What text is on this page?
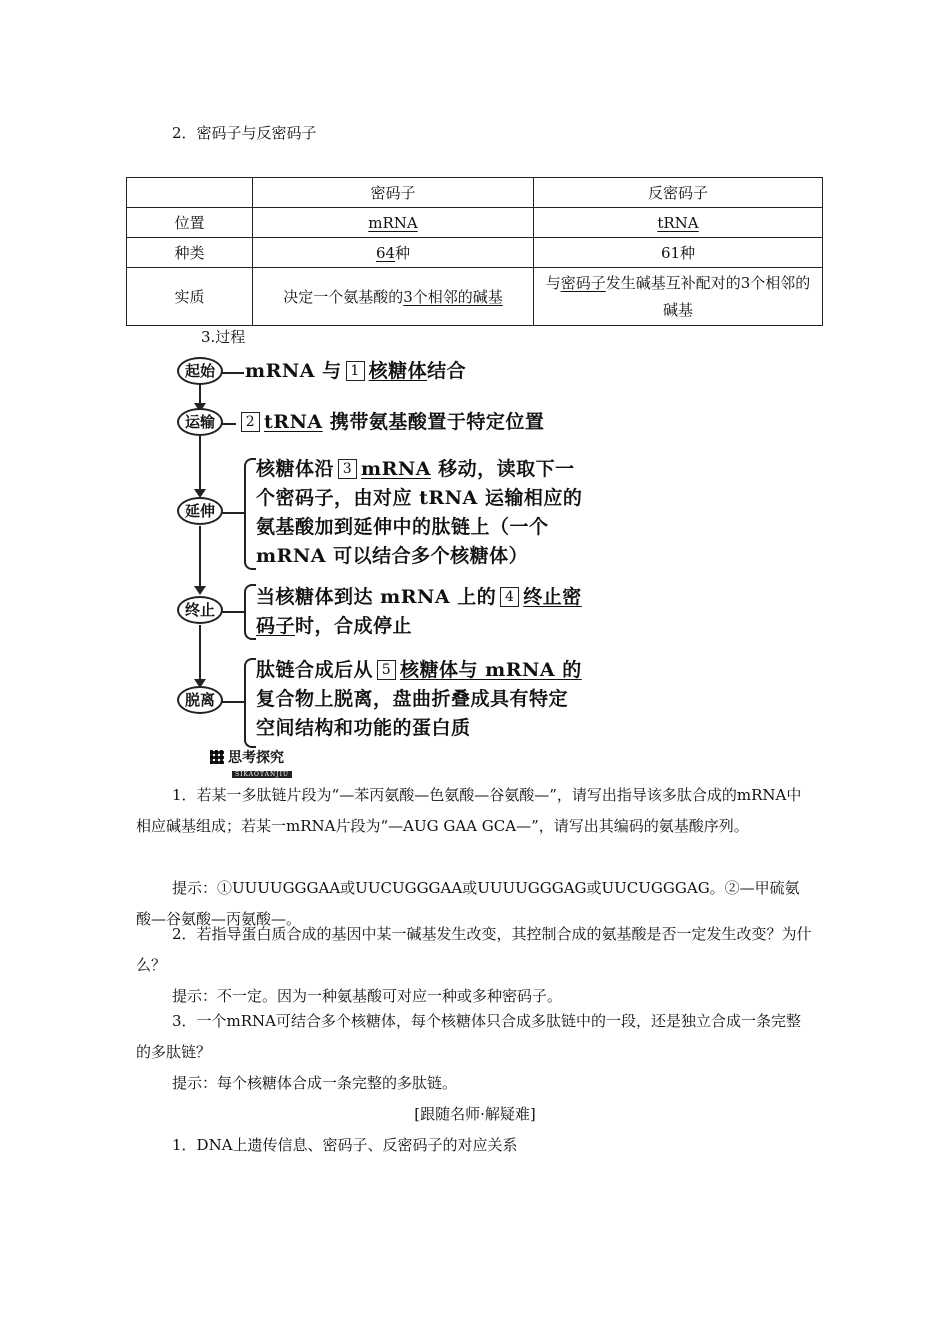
2．密码子与反密码子
	密码子	反密码子
位置	mRNA	tRNA
种类	64种	61种
实质	决定一个氨基酸的3个相邻的碱基	与密码子发生碱基互补配对的3个相邻的碱基
3.过程
起始
运输
延伸
终止
脱离
mRNA 与 1 核糖体结合
2 tRNA 携带氨基酸置于特定位置
核糖体沿 3 mRNA 移动，读取下一
个密码子，由对应 tRNA 运输相应的
氨基酸加到延伸中的肽链上（一个
mRNA 可以结合多个核糖体）
当核糖体到达 mRNA 上的 4 终止密
码子时，合成停止
肽链合成后从 5 核糖体与 mRNA 的
复合物上脱离，盘曲折叠成具有特定
空间结构和功能的蛋白质
思考探究
SIKAOTANJIU
1．若某一多肽链片段为“—苯丙氨酸—色氨酸—谷氨酸—”，请写出指导该多肽合成的mRNA中相应碱基组成；若某一mRNA片段为“—AUG GAA GCA—”，请写出其编码的氨基酸序列。
提示：①UUUUGGGAA或UUCUGGGAA或UUUUGGGAG或UUCUGGGAG。②—甲硫氨酸—谷氨酸—丙氨酸—。
2．若指导蛋白质合成的基因中某一碱基发生改变，其控制合成的氨基酸是否一定发生改变？为什么？
提示：不一定。因为一种氨基酸可对应一种或多种密码子。
3．一个mRNA可结合多个核糖体，每个核糖体只合成多肽链中的一段，还是独立合成一条完整的多肽链？
提示：每个核糖体合成一条完整的多肽链。
[跟随名师·解疑难]
1．DNA上遗传信息、密码子、反密码子的对应关系
